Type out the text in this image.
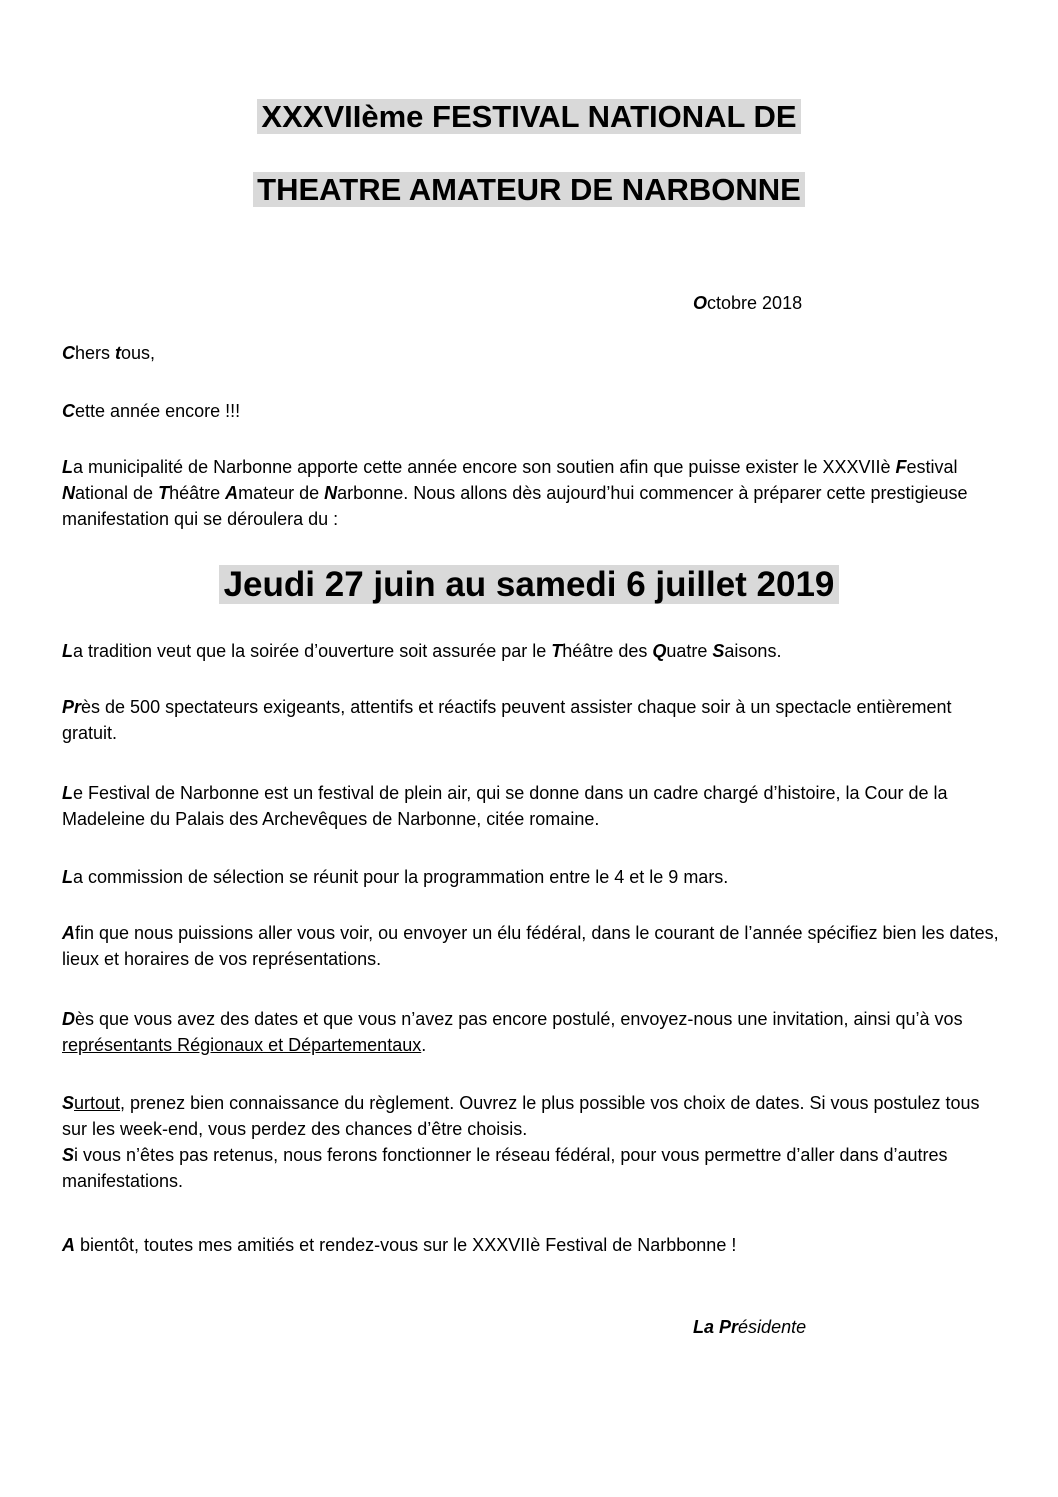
XXXVIIème FESTIVAL NATIONAL DE
THEATRE AMATEUR DE NARBONNE
Octobre 2018
Chers tous,
Cette année encore !!!
La municipalité de Narbonne apporte cette année encore son soutien afin que puisse exister le XXXVIIè Festival National de Théâtre Amateur de Narbonne. Nous allons dès aujourd’hui commencer à préparer cette prestigieuse manifestation qui se déroulera du :
Jeudi 27 juin au samedi 6 juillet 2019
La tradition veut que la soirée d’ouverture soit assurée par le Théâtre des Quatre Saisons.
Près de 500 spectateurs exigeants, attentifs et réactifs peuvent assister chaque soir à un spectacle entièrement gratuit.
Le Festival de Narbonne est un festival de plein air, qui se donne dans un cadre chargé d’histoire, la Cour de la Madeleine du Palais des Archevêques de Narbonne, citée romaine.
La commission de sélection se réunit pour la programmation entre le 4 et le 9 mars.
Afin que nous puissions aller vous voir, ou envoyer un élu fédéral, dans le courant de l’année spécifiez bien les dates, lieux et horaires de vos représentations.
Dès que vous avez des dates et que vous n’avez pas encore postulé, envoyez-nous une invitation, ainsi qu’à vos représentants Régionaux et Départementaux.
Surtout, prenez bien connaissance du règlement. Ouvrez le plus possible vos choix de dates. Si vous postulez tous sur les week-end, vous perdez des chances d’être choisis.
Si vous n’êtes pas retenus, nous ferons fonctionner le réseau fédéral, pour vous permettre d’aller dans d’autres manifestations.
A bientôt, toutes mes amitiés et rendez-vous sur le XXXVIIè Festival de Narbbonne !
La Présidente
